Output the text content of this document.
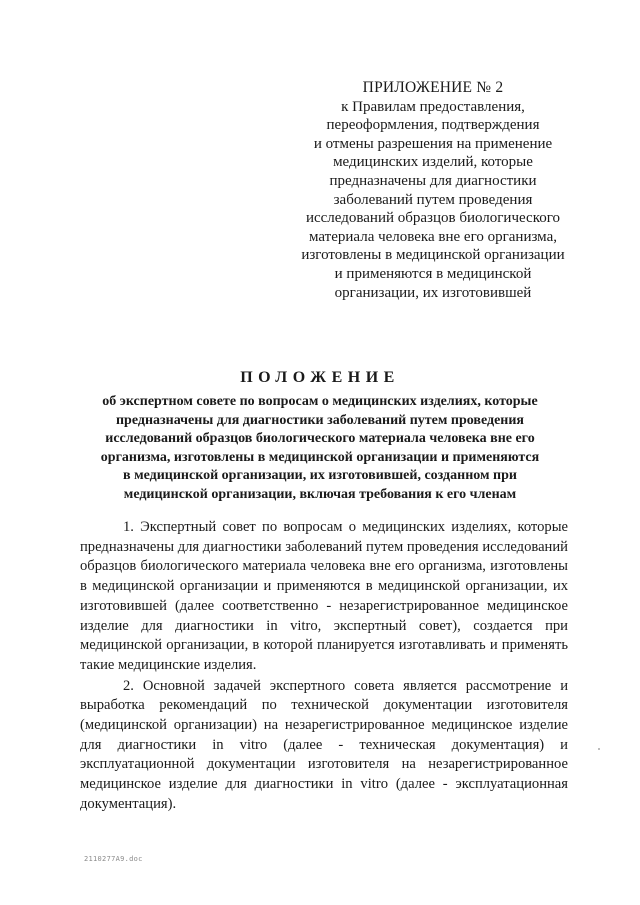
ПРИЛОЖЕНИЕ № 2
к Правилам предоставления,
переоформления, подтверждения
и отмены разрешения на применение
медицинских изделий, которые
предназначены для диагностики
заболеваний путем проведения
исследований образцов биологического
материала человека вне его организма,
изготовлены в медицинской организации
и применяются в медицинской
организации, их изготовившей
ПОЛОЖЕНИЕ
об экспертном совете по вопросам о медицинских изделиях, которые
предназначены для диагностики заболеваний путем проведения
исследований образцов биологического материала человека вне его
организма, изготовлены в медицинской организации и применяются
в медицинской организации, их изготовившей, созданном при
медицинской организации, включая требования к его членам

1. Экспертный совет по вопросам о медицинских изделиях, которые предназначены для диагностики заболеваний путем проведения исследований образцов биологического материала человека вне его организма, изготовлены в медицинской организации и применяются в медицинской организации, их изготовившей (далее соответственно - незарегистрированное медицинское изделие для диагностики in vitro, экспертный совет), создается при медицинской организации, в которой планируется изготавливать и применять такие медицинские изделия.

2. Основной задачей экспертного совета является рассмотрение и выработка рекомендаций по технической документации изготовителя (медицинской организации) на незарегистрированное медицинское изделие для диагностики in vitro (далее - техническая документация) и эксплуатационной документации изготовителя на незарегистрированное медицинское изделие для диагностики in vitro (далее - эксплуатационная документация).

2110277А9.doc
